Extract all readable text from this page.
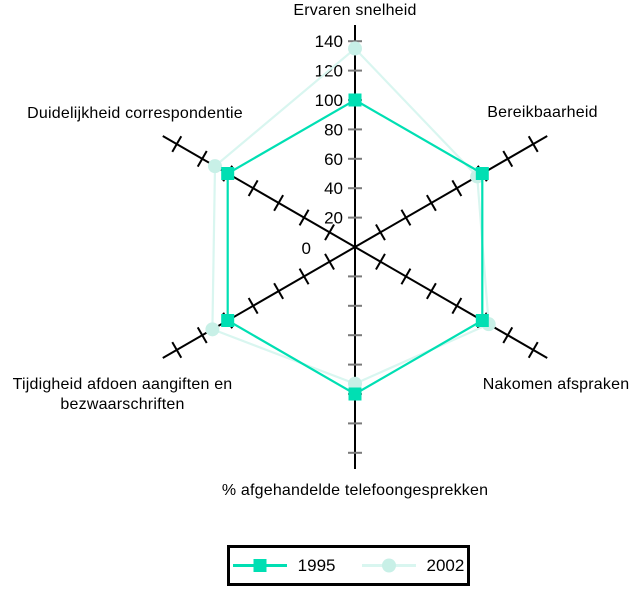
0
20
40
60
80
100
120
140
Ervaren snelheid
Bereikbaarheid
Nakomen afspraken
% afgehandelde telefoongesprekken
Tijdigheid afdoen aangiften en bezwaarschriften
Duidelijkheid correspondentie
1995	2002
